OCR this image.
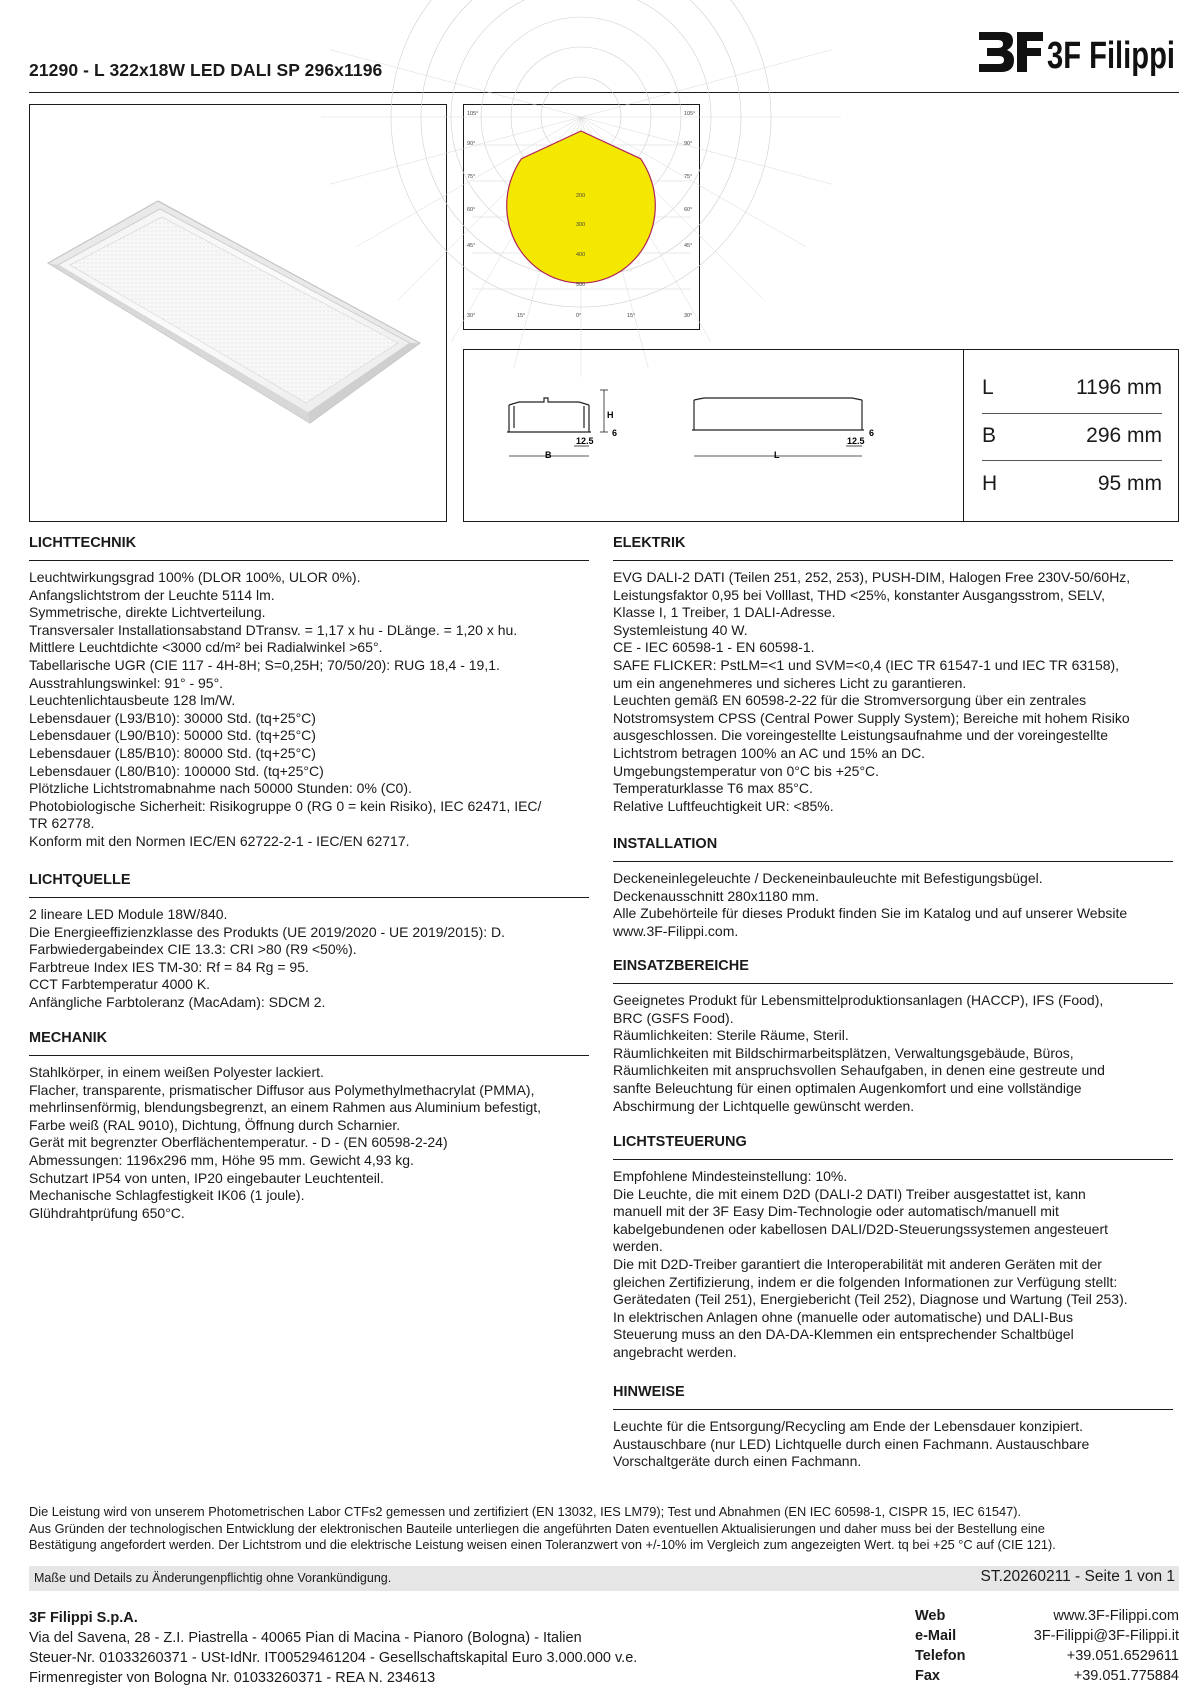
21290 - L 322x18W LED DALI SP 296x1196	3F Filippi
105°
90°
75°
60°
45°
30°
105°
90°
75°
60°
45°
30°
15°	0°	15°
200
300
400
500
H
6
12.5
B
6
12.5
L
L	1196 mm
B	296 mm
H	95 mm
LICHTTECHNIK

Leuchtwirkungsgrad 100% (DLOR 100%, ULOR 0%).
Anfangslichtstrom der Leuchte 5114 lm.
Symmetrische, direkte Lichtverteilung.
Transversaler Installationsabstand DTransv. = 1,17 x hu - DLänge. = 1,20 x hu.
Mittlere Leuchtdichte <3000 cd/m² bei Radialwinkel >65°.
Tabellarische UGR (CIE 117 - 4H-8H; S=0,25H; 70/50/20): RUG 18,4 - 19,1.
Ausstrahlungswinkel: 91° - 95°.
Leuchtenlichtausbeute 128 lm/W.
Lebensdauer (L93/B10): 30000 Std. (tq+25°C)
Lebensdauer (L90/B10): 50000 Std. (tq+25°C)
Lebensdauer (L85/B10): 80000 Std. (tq+25°C)
Lebensdauer (L80/B10): 100000 Std. (tq+25°C)
Plötzliche Lichtstromabnahme nach 50000 Stunden: 0% (C0).
Photobiologische Sicherheit: Risikogruppe 0 (RG 0 = kein Risiko), IEC 62471, IEC/
TR 62778.
Konform mit den Normen IEC/EN 62722-2-1 - IEC/EN 62717.

LICHTQUELLE

2 lineare LED Module 18W/840.
Die Energieeffizienzklasse des Produkts (UE 2019/2020 - UE 2019/2015): D.
Farbwiedergabeindex CIE 13.3: CRI >80 (R9 <50%).
Farbtreue Index IES TM-30: Rf = 84 Rg = 95.
CCT Farbtemperatur 4000 K.
Anfängliche Farbtoleranz (MacAdam): SDCM 2.

MECHANIK

Stahlkörper, in einem weißen Polyester lackiert.
Flacher, transparente, prismatischer Diffusor aus Polymethylmethacrylat (PMMA),
mehrlinsenförmig, blendungsbegrenzt, an einem Rahmen aus Aluminium befestigt,
Farbe weiß (RAL 9010), Dichtung, Öffnung durch Scharnier.
Gerät mit begrenzter Oberflächentemperatur. - D - (EN 60598-2-24)
Abmessungen: 1196x296 mm, Höhe 95 mm. Gewicht 4,93 kg.
Schutzart IP54 von unten, IP20 eingebauter Leuchtenteil.
Mechanische Schlagfestigkeit IK06 (1 joule).
Glühdrahtprüfung 650°C.

ELEKTRIK

EVG DALI-2 DATI (Teilen 251, 252, 253), PUSH-DIM, Halogen Free 230V-50/60Hz,
Leistungsfaktor 0,95 bei Volllast, THD <25%, konstanter Ausgangsstrom, SELV,
Klasse I, 1 Treiber, 1 DALI-Adresse.
Systemleistung 40 W.
CE - IEC 60598-1 - EN 60598-1.
SAFE FLICKER: PstLM=<1 und SVM=<0,4 (IEC TR 61547-1 und IEC TR 63158),
um ein angenehmeres und sicheres Licht zu garantieren.
Leuchten gemäß EN 60598-2-22 für die Stromversorgung über ein zentrales
Notstromsystem CPSS (Central Power Supply System); Bereiche mit hohem Risiko
ausgeschlossen. Die voreingestellte Leistungsaufnahme und der voreingestellte
Lichtstrom betragen 100% an AC und 15% an DC.
Umgebungstemperatur von 0°C bis +25°C.
Temperaturklasse T6 max 85°C.
Relative Luftfeuchtigkeit UR: <85%.

INSTALLATION

Deckeneinlegeleuchte / Deckeneinbauleuchte mit Befestigungsbügel.
Deckenausschnitt 280x1180 mm.
Alle Zubehörteile für dieses Produkt finden Sie im Katalog und auf unserer Website
www.3F-Filippi.com.

EINSATZBEREICHE

Geeignetes Produkt für Lebensmittelproduktionsanlagen (HACCP), IFS (Food),
BRC (GSFS Food).
Räumlichkeiten: Sterile Räume, Steril.
Räumlichkeiten mit Bildschirmarbeitsplätzen, Verwaltungsgebäude, Büros,
Räumlichkeiten mit anspruchsvollen Sehaufgaben, in denen eine gestreute und
sanfte Beleuchtung für einen optimalen Augenkomfort und eine vollständige
Abschirmung der Lichtquelle gewünscht werden.

LICHTSTEUERUNG

Empfohlene Mindesteinstellung: 10%.
Die Leuchte, die mit einem D2D (DALI-2 DATI) Treiber ausgestattet ist, kann
manuell mit der 3F Easy Dim-Technologie oder automatisch/manuell mit
kabelgebundenen oder kabellosen DALI/D2D-Steuerungssystemen angesteuert
werden.
Die mit D2D-Treiber garantiert die Interoperabilität mit anderen Geräten mit der
gleichen Zertifizierung, indem er die folgenden Informationen zur Verfügung stellt:
Gerätedaten (Teil 251), Energiebericht (Teil 252), Diagnose und Wartung (Teil 253).
In elektrischen Anlagen ohne (manuelle oder automatische) und DALI-Bus
Steuerung muss an den DA-DA-Klemmen ein entsprechender Schaltbügel
angebracht werden.

HINWEISE

Leuchte für die Entsorgung/Recycling am Ende der Lebensdauer konzipiert.
Austauschbare (nur LED) Lichtquelle durch einen Fachmann. Austauschbare
Vorschaltgeräte durch einen Fachmann.

Die Leistung wird von unserem Photometrischen Labor CTFs2 gemessen und zertifiziert (EN 13032, IES LM79); Test und Abnahmen (EN IEC 60598-1, CISPR 15, IEC 61547).
Aus Gründen der technologischen Entwicklung der elektronischen Bauteile unterliegen die angeführten Daten eventuellen Aktualisierungen und daher muss bei der Bestellung eine
Bestätigung angefordert werden. Der Lichtstrom und die elektrische Leistung weisen einen Toleranzwert von +/-10% im Vergleich zum angezeigten Wert. tq bei +25 °C auf (CIE 121).
Maße und Details zu Änderungenpflichtig ohne Vorankündigung.	ST.20260211 - Seite 1 von 1
3F Filippi S.p.A.
Via del Savena, 28 - Z.I. Piastrella - 40065 Pian di Macina - Pianoro (Bologna) - Italien
Steuer-Nr. 01033260371 - USt-IdNr. IT00529461204 - Gesellschaftskapital Euro 3.000.000 v.e.
Firmenregister von Bologna Nr. 01033260371 - REA N. 234613
Web	www.3F-Filippi.com
e-Mail	3F-Filippi@3F-Filippi.it
Telefon	+39.051.6529611
Fax	+39.051.775884
